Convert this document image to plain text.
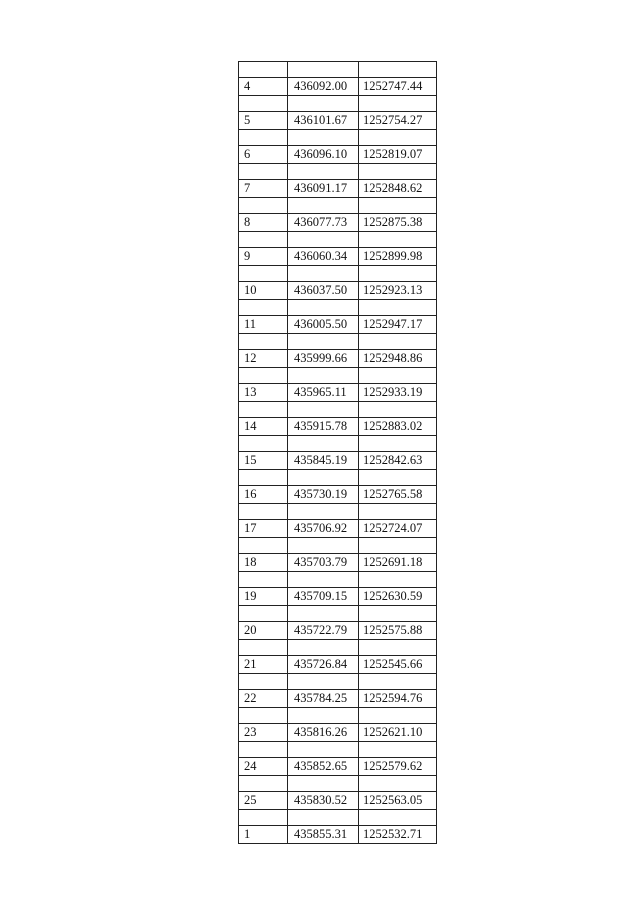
4	436092.00	1252747.44

5	436101.67	1252754.27

6	436096.10	1252819.07

7	436091.17	1252848.62

8	436077.73	1252875.38

9	436060.34	1252899.98

10	436037.50	1252923.13

11	436005.50	1252947.17

12	435999.66	1252948.86

13	435965.11	1252933.19

14	435915.78	1252883.02

15	435845.19	1252842.63

16	435730.19	1252765.58

17	435706.92	1252724.07

18	435703.79	1252691.18

19	435709.15	1252630.59

20	435722.79	1252575.88

21	435726.84	1252545.66

22	435784.25	1252594.76

23	435816.26	1252621.10

24	435852.65	1252579.62

25	435830.52	1252563.05

1	435855.31	1252532.71
